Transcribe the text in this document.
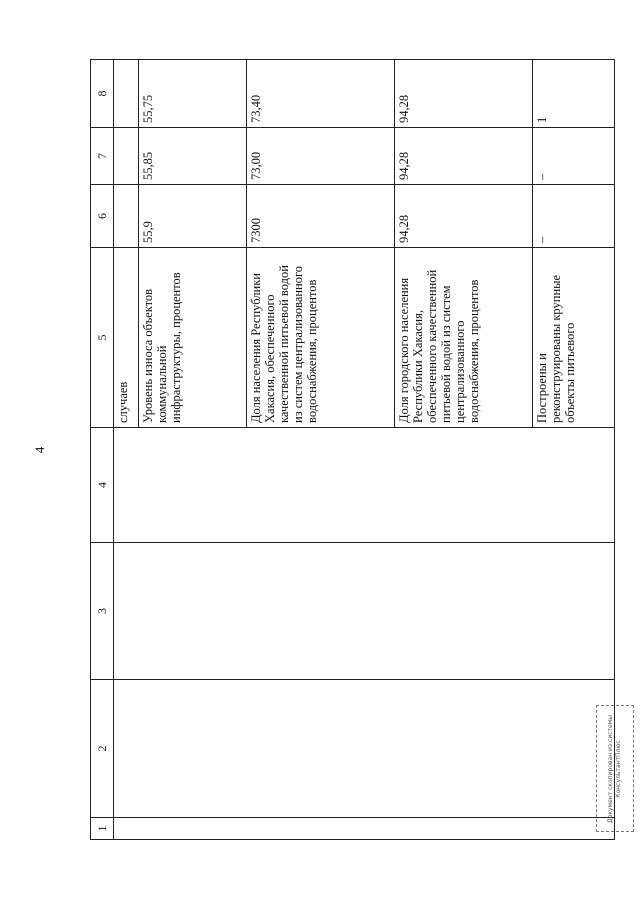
4
1	2	3	4	5	6	7	8
				случаев			
				Уровень износа объектов коммунальной инфраструктуры, процентов	55,9	55,85	55,75
				Доля населения Республики Хакасия, обеспеченного качественной питьевой водой из систем централизованного водоснабжения, процентов	7300	73,00	73,40
				Доля городского населения Республики Хакасия, обеспеченного качественной питьевой водой из систем централизованного водоснабжения, процентов	94,28	94,28	94,28
				Построены и реконструированы крупные объекты питьевого	–	–	1
Документ скопирован из системы КонсультантПлюс
